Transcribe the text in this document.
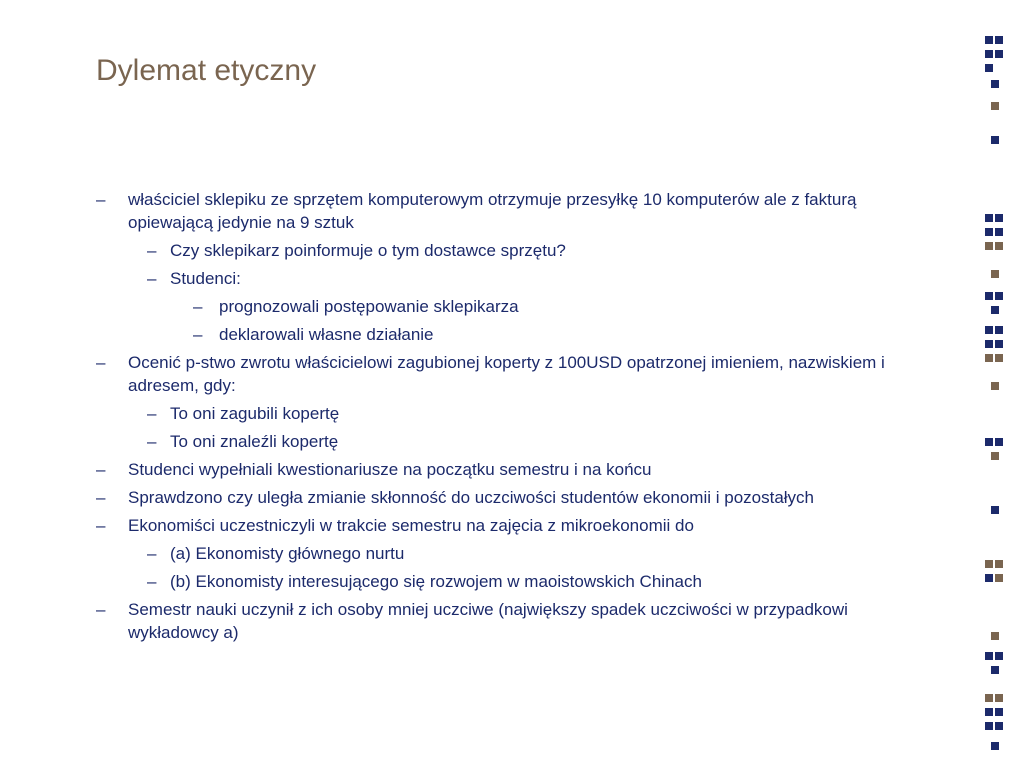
Dylemat etyczny
– właściciel sklepiku ze sprzętem komputerowym otrzymuje przesyłkę 10 komputerów ale z fakturą opiewającą jedynie na 9 sztuk
– Czy sklepikarz poinformuje o tym dostawce sprzętu?
– Studenci:
– prognozowali postępowanie sklepikarza
– deklarowali własne działanie
– Ocenić p-stwo zwrotu właścicielowi zagubionej koperty z 100USD opatrzonej imieniem, nazwiskiem i adresem, gdy:
– To oni zagubili kopertę
– To oni znaleźli kopertę
– Studenci wypełniali kwestionariusze na początku semestru i na końcu
– Sprawdzono czy uległa zmianie skłonność do uczciwości studentów ekonomii i pozostałych
– Ekonomiści uczestniczyli w trakcie semestru na zajęcia z mikroekonomii do
– (a) Ekonomisty głównego nurtu
– (b) Ekonomisty interesującego się rozwojem w maoistowskich Chinach
– Semestr nauki uczynił z ich osoby mniej uczciwe (największy spadek uczciwości w przypadkowi wykładowcy a)
